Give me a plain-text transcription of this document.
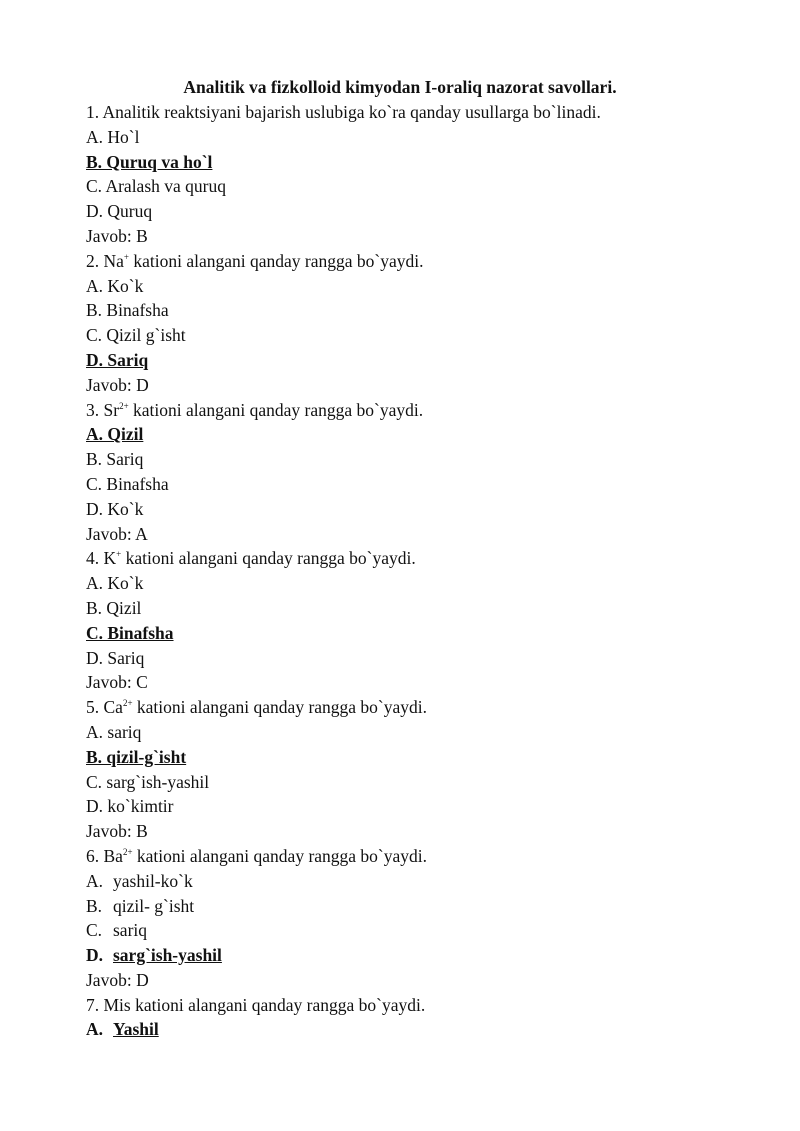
Analitik va fizkolloid kimyodan I-oraliq nazorat savollari.
1. Analitik reaktsiyani bajarish uslubiga ko`ra qanday usullarga bo`linadi.
A. Ho`l
B. Quruq va ho`l
C. Aralash va quruq
D. Quruq
Javob: B
2. Na+ kationi alangani qanday rangga bo`yaydi.
A. Ko`k
B. Binafsha
C. Qizil g`isht
D. Sariq
Javob: D
3. $Sr^{2+}$ kationi alangani qanday rangga bo`yaydi.
A. Qizil
B. Sariq
C. Binafsha
D. Ko`k
Javob: A
4. K+ kationi alangani qanday rangga bo`yaydi.
A. Ko`k
B. Qizil
C. Binafsha
D. Sariq
Javob: C
5. $Ca^{2+}$ kationi alangani qanday rangga bo`yaydi.
A. sariq
B. qizil-g`isht
C. sarg`ish-yashil
D. ko`kimtir
Javob: B
6. $Ba^{2+}$ kationi alangani qanday rangga bo`yaydi.
A. yashil-ko`k
B. qizil- g`isht
C. sariq
D. sarg`ish-yashil
Javob: D
7. Mis kationi alangani qanday rangga bo`yaydi.
A. Yashil
